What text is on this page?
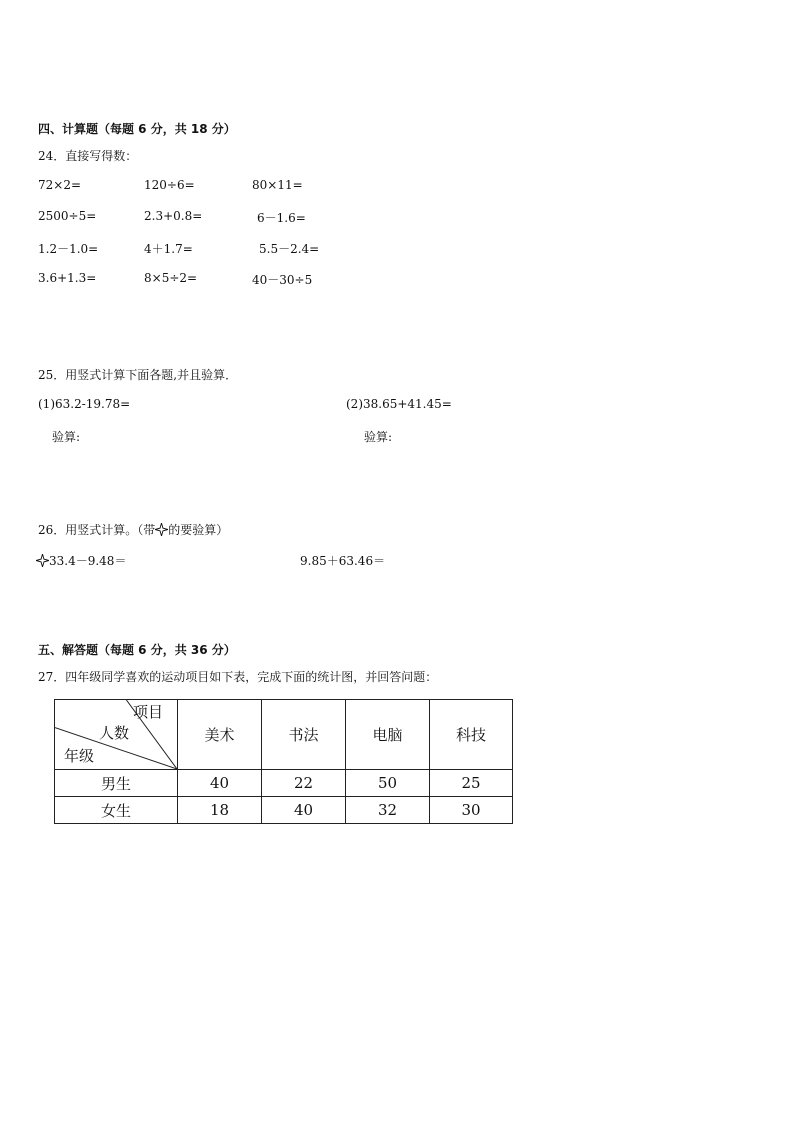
四、计算题（每题 6 分，共 18 分）
24．直接写得数：
72×2=	120÷6=	80×11=
2500÷5=	2.3+0.8=	6－1.6=
1.2－1.0=	4＋1.7=	5.5－2.4=
3.6+1.3=	8×5÷2=	40－30÷5
25．用竖式计算下面各题,并且验算．
(1)63.2-19.78=	(2)38.65+41.45=
验算:	验算:
26．用竖式计算。（带 的要验算）
33.4－9.48＝	9.85＋63.46＝
五、解答题（每题 6 分，共 36 分）
27．四年级同学喜欢的运动项目如下表，完成下面的统计图，并回答问题：
项目
人数
年级	美术	书法	电脑	科技
男生	40	22	50	25
女生	18	40	32	30
